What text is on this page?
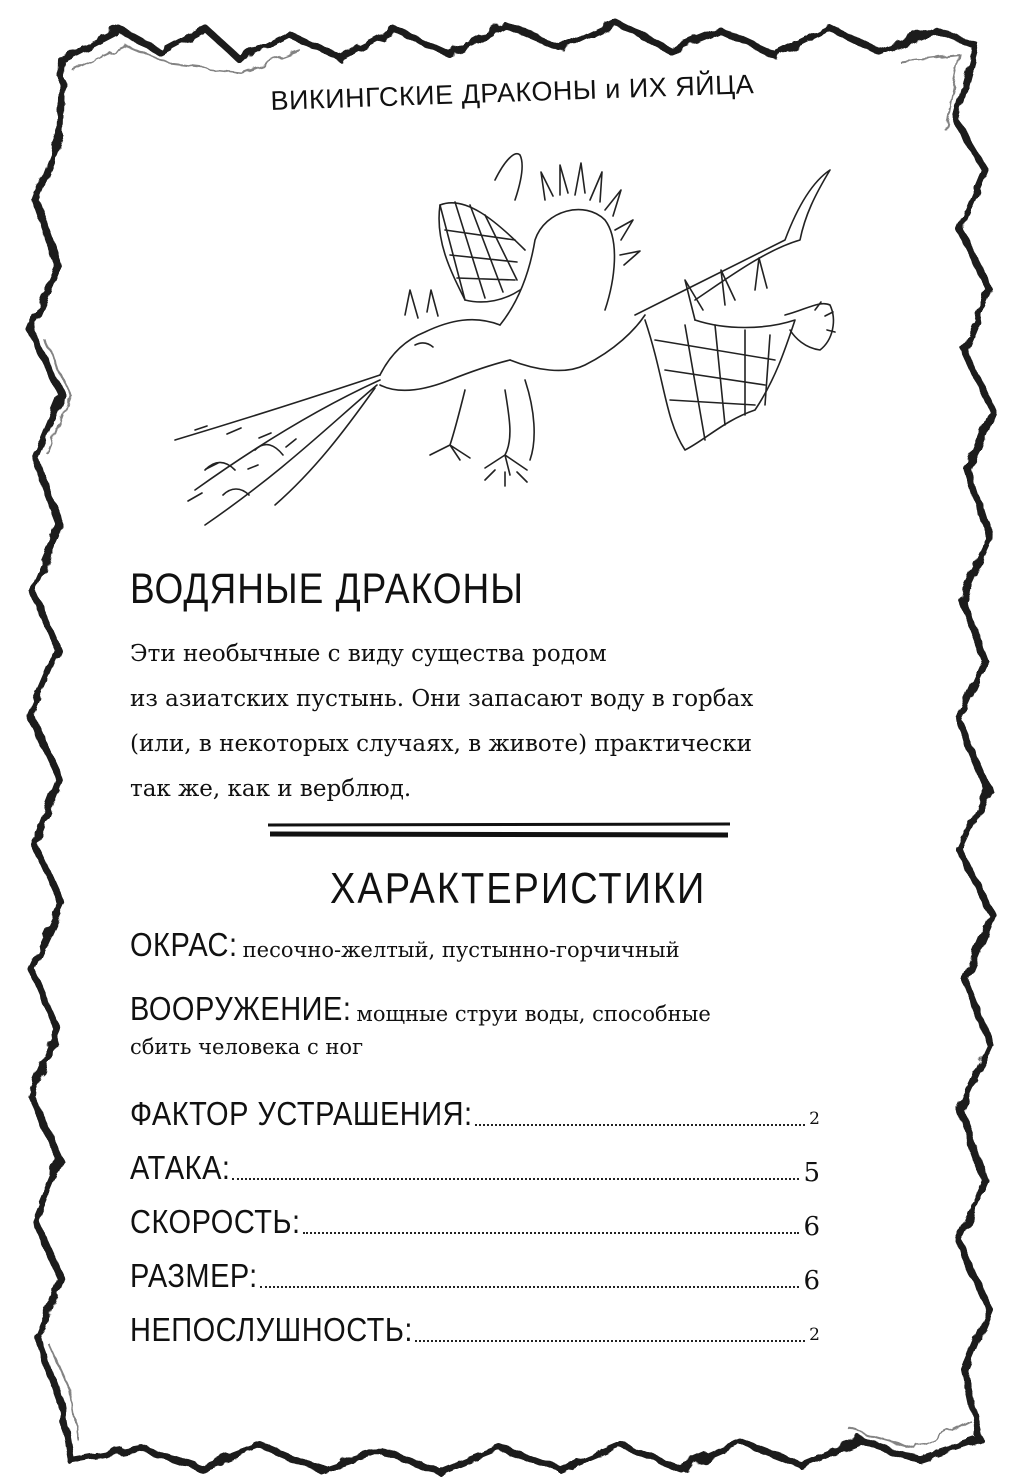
ВИКИНГСКИЕ ДРАКОНЫ и ИХ ЯЙЦА
ВОДЯНЫЕ ДРАКОНЫ
Эти необычные с виду существа родом
из азиатских пустынь. Они запасают воду в горбах
(или, в некоторых случаях, в животе) практически
так же, как и верблюд.
ХАРАКТЕРИСТИКИ
ОКРАС: песочно-желтый, пустынно-горчичный
ВООРУЖЕНИЕ: мощные струи воды, способные
сбить человека с ног
ФАКТОР УСТРАШЕНИЯ:	2
АТАКА:	5
СКОРОСТЬ:	6
РАЗМЕР:	6
НЕПОСЛУШНОСТЬ:	2
